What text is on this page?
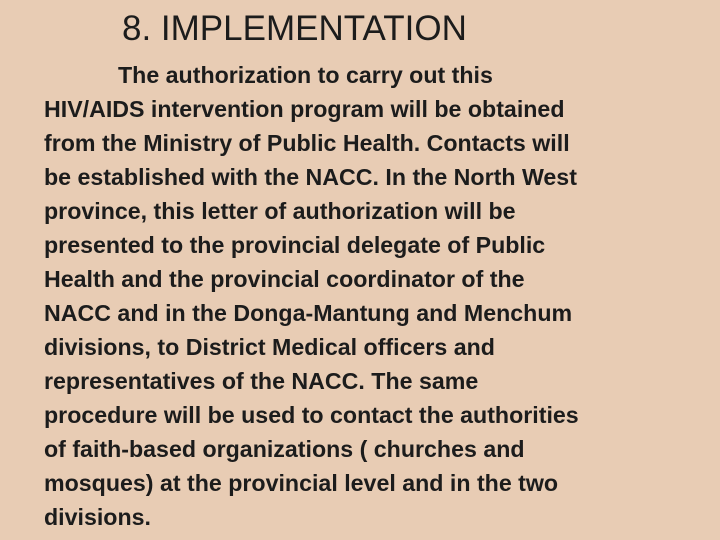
8. IMPLEMENTATION
The authorization to carry out this
HIV/AIDS intervention program will be obtained
from the Ministry of Public Health. Contacts will
be established with the NACC. In the North West
province, this letter of authorization will be
presented to the provincial delegate of Public
Health and the provincial coordinator of the
NACC and in the Donga-Mantung and Menchum
divisions, to District Medical officers and
representatives of the NACC. The same
procedure will be used to contact the authorities
of faith-based organizations ( churches and
mosques) at the provincial level and in the two
divisions.
